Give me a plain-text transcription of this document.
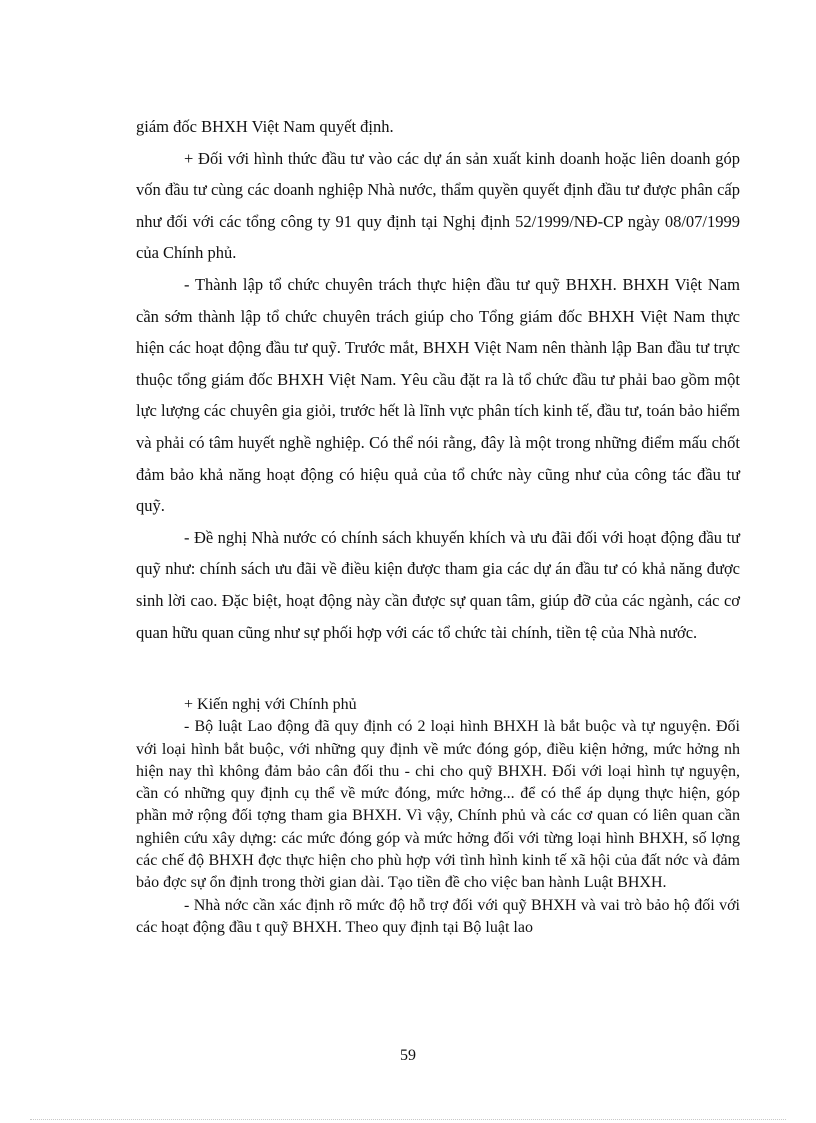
giám đốc BHXH Việt Nam quyết định.

+ Đối với hình thức đầu tư vào các dự án sản xuất kinh doanh hoặc liên doanh góp vốn đầu tư cùng các doanh nghiệp Nhà nước, thẩm quyền quyết định đầu tư được phân cấp như đối với các tổng công ty 91 quy định tại Nghị định 52/1999/NĐ-CP ngày 08/07/1999 của Chính phủ.

- Thành lập tổ chức chuyên trách thực hiện đầu tư quỹ BHXH. BHXH Việt Nam cần sớm thành lập tổ chức chuyên trách giúp cho Tổng giám đốc BHXH Việt Nam thực hiện các hoạt động đầu tư quỹ. Trước mắt, BHXH Việt Nam nên thành lập Ban đầu tư trực thuộc tổng giám đốc BHXH Việt Nam. Yêu cầu đặt ra là tổ chức đầu tư phải bao gồm một lực lượng các chuyên gia giỏi, trước hết là lĩnh vực phân tích kinh tế, đầu tư, toán bảo hiểm và phải có tâm huyết nghề nghiệp. Có thể nói rằng, đây là một trong những điểm mấu chốt đảm bảo khả năng hoạt động có hiệu quả của tổ chức này cũng như của công tác đầu tư quỹ.

- Đề nghị Nhà nước có chính sách khuyến khích và ưu đãi đối với hoạt động đầu tư quỹ như: chính sách ưu đãi về điều kiện được tham gia các dự án đầu tư có khả năng được sinh lời cao. Đặc biệt, hoạt động này cần được sự quan tâm, giúp đỡ của các ngành, các cơ quan hữu quan cũng như sự phối hợp với các tổ chức tài chính, tiền tệ của Nhà nước.

+ Kiến nghị với Chính phủ

- Bộ luật Lao động đã quy định có 2 loại hình BHXH là bắt buộc và tự nguyện. Đối với loại hình bắt buộc, với những quy định về mức đóng góp, điều kiện hởng, mức hởng nh hiện nay thì không đảm bảo cân đối thu - chi cho quỹ BHXH. Đối với loại hình tự nguyện, cần có những quy định cụ thể về mức đóng, mức hởng... để có thể áp dụng thực hiện, góp phần mở rộng đối tợng tham gia BHXH. Vì vậy, Chính phủ và các cơ quan có liên quan cần nghiên cứu xây dựng: các mức đóng góp và mức hởng đối với từng loại hình BHXH, số lợng các chế độ BHXH đợc thực hiện cho phù hợp với tình hình kinh tế xã hội của đất nớc và đảm bảo đợc sự ổn định trong thời gian dài. Tạo tiền đề cho việc ban hành Luật BHXH.

- Nhà nớc cần xác định rõ mức độ hỗ trợ đối với quỹ BHXH và vai trò bảo hộ đối với các hoạt động đầu t quỹ BHXH. Theo quy định tại Bộ luật lao

59
